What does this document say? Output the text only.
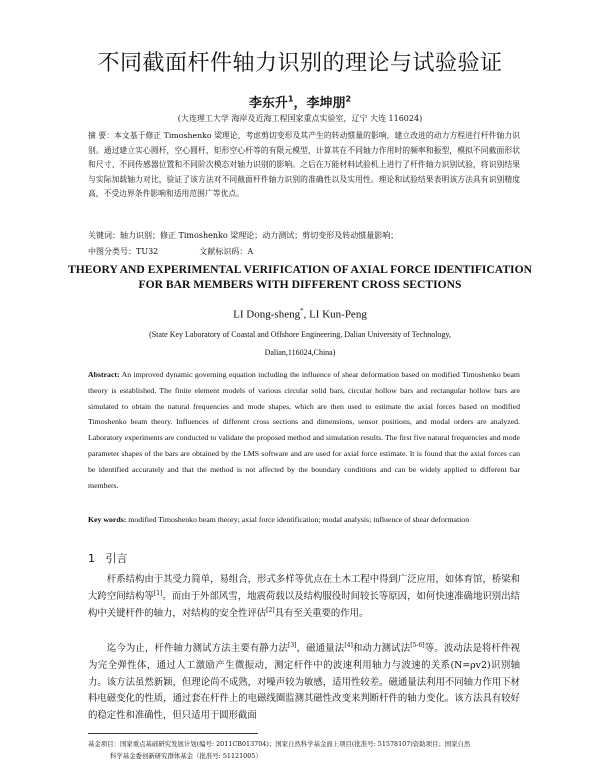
不同截面杆件轴力识别的理论与试验验证
李东升$^1$，李坤朋$^2$
(大连理工大学 海岸及近海工程国家重点实验室，辽宁 大连 116024)
摘 要：本文基于修正 Timoshenko 梁理论，考虑剪切变形及其产生的转动惯量的影响，建立改进的动力方程进行杆件轴力识别。通过建立实心圆杆，空心圆杆，矩形空心杆等的有限元模型，计算其在不同轴力作用时的频率和振型，模拟不同截面形状和尺寸、不同传感器位置和不同阶次模态对轴力识别的影响。之后在万能材料试验机上进行了杆件轴力识别试验，将识别结果与实际加载轴力对比，验证了该方法对不同截面杆件轴力识别的准确性以及实用性。理论和试验结果表明该方法具有识别精度高，不受边界条件影响和适用范围广等优点。
关键词：轴力识别；修正 Timoshenko 梁理论；动力测试；剪切变形及转动惯量影响；
中图分类号：TU32	文献标识码：A
THEORY AND EXPERIMENTAL VERIFICATION OF AXIAL FORCE IDENTIFICATION FOR BAR MEMBERS WITH DIFFERENT CROSS SECTIONS
LI Dong-sheng*, LI Kun-Peng
(State Key Laboratory of Coastal and Offshore Engineering, Dalian University of Technology, Dalian,116024,China)
Abstract: An improved dynamic governing equation including the influence of shear deformation based on modified Timoshenko beam theory is established. The finite element models of various circular solid bars, circular hollow bars and rectangular hollow bars are simulated to obtain the natural frequencies and mode shapes, which are then used to estimate the axial forces based on modified Timoshenko beam theory. Influences of different cross sections and dimensions, sensor positions, and modal orders are analyzed. Laboratory experiments are conducted to validate the proposed method and simulation results. The first five natural frequencies and mode parameter shapes of the bars are obtained by the LMS software and are used for axial force estimate. It is found that the axial forces can be identified accurately and that the method is not affected by the boundary conditions and can be widely applied to different bar members.
Key words: modified Timoshenko beam theory; axial force identification; modal analysis; influence of shear deformation
1 引言
杆系结构由于其受力简单，易组合，形式多样等优点在土木工程中得到广泛应用，如体育馆，桥梁和大跨空间结构等[1]。而由于外部风雪，地震荷载以及结构服役时间较长等原因，如何快速准确地识别出结构中关键杆件的轴力，对结构的安全性评估[2]具有至关重要的作用。
迄今为止，杆件轴力测试方法主要有静力法[3]，磁通量法[4]和动力测试法[5-6]等。波动法是将杆件视为完全弹性体，通过人工激励产生微振动，测定杆件中的波速利用轴力与波速的关系(N=ρv2)识别轴力。该方法虽然新颖，但理论尚不成熟，对噪声较为敏感，适用性较差。磁通量法利用不同轴力作用下材料电磁变化的性质，通过套在杆件上的电磁线圈监测其磁性改变来判断杆件的轴力变化。该方法具有较好的稳定性和准确性，但只适用于圆形截面
基金项目：国家重点基础研究发展计划(编号: 2011CB013704)；国家自然科学基金面上项目(批准号: 51578107)资助项目；国家自然
科学基金委创新研究群体基金（批准号: 51121005）
